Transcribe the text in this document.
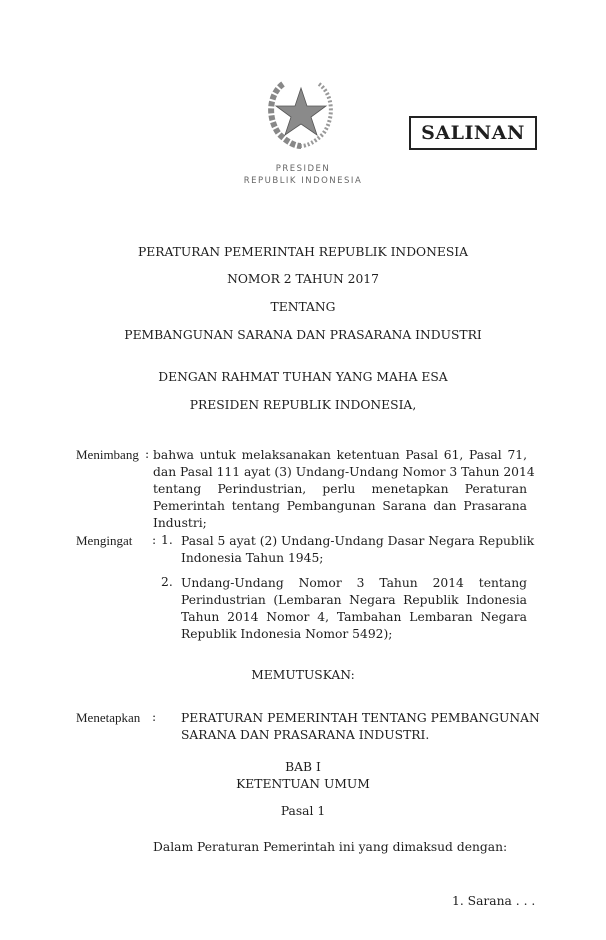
SALINAN
PRESIDEN
REPUBLIK INDONESIA
PERATURAN PEMERINTAH REPUBLIK INDONESIA
NOMOR 2 TAHUN 2017
TENTANG
PEMBANGUNAN SARANA DAN PRASARANA INDUSTRI
DENGAN RAHMAT TUHAN YANG MAHA ESA
PRESIDEN REPUBLIK INDONESIA,
Menimbang : bahwa untuk melaksanakan ketentuan Pasal 61, Pasal 71,
dan Pasal 111 ayat (3) Undang-Undang Nomor 3 Tahun 2014
tentang Perindustrian, perlu menetapkan Peraturan
Pemerintah tentang Pembangunan Sarana dan Prasarana
Industri;
Mengingat : 1. Pasal 5 ayat (2) Undang-Undang Dasar Negara Republik
Indonesia Tahun 1945;
2. Undang-Undang Nomor 3 Tahun 2014 tentang
Perindustrian (Lembaran Negara Republik Indonesia
Tahun 2014 Nomor 4, Tambahan Lembaran Negara
Republik Indonesia Nomor 5492);
MEMUTUSKAN:
Menetapkan : PERATURAN PEMERINTAH TENTANG PEMBANGUNAN
SARANA DAN PRASARANA INDUSTRI.
BAB I
KETENTUAN UMUM
Pasal 1
Dalam Peraturan Pemerintah ini yang dimaksud dengan:
1. Sarana . . .
